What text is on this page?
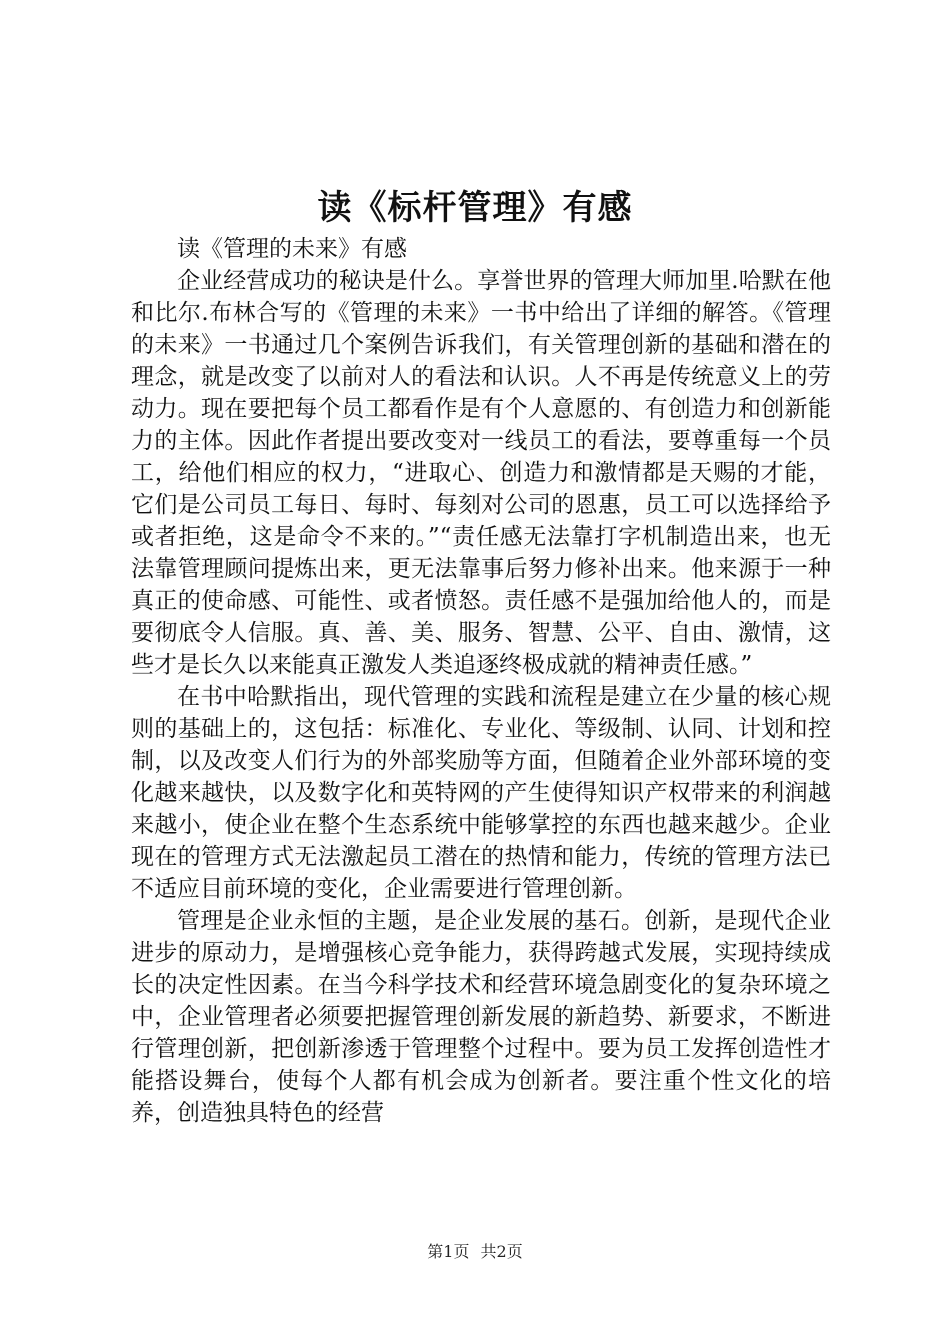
读《标杆管理》有感

读《管理的未来》有感

企业经营成功的秘诀是什么。享誉世界的管理大师加里.哈默在他和比尔.布林合写的《管理的未来》一书中给出了详细的解答。《管理的未来》一书通过几个案例告诉我们，有关管理创新的基础和潜在的理念，就是改变了以前对人的看法和认识。人不再是传统意义上的劳动力。现在要把每个员工都看作是有个人意愿的、有创造力和创新能力的主体。因此作者提出要改变对一线员工的看法，要尊重每一个员工，给他们相应的权力，“进取心、创造力和激情都是天赐的才能，它们是公司员工每日、每时、每刻对公司的恩惠，员工可以选择给予或者拒绝，这是命令不来的。”“责任感无法靠打字机制造出来，也无法靠管理顾问提炼出来，更无法靠事后努力修补出来。他来源于一种真正的使命感、可能性、或者愤怒。责任感不是强加给他人的，而是要彻底令人信服。真、善、美、服务、智慧、公平、自由、激情，这些才是长久以来能真正激发人类追逐终极成就的精神责任感。”

在书中哈默指出，现代管理的实践和流程是建立在少量的核心规则的基础上的，这包括：标准化、专业化、等级制、认同、计划和控制，以及改变人们行为的外部奖励等方面，但随着企业外部环境的变化越来越快，以及数字化和英特网的产生使得知识产权带来的利润越来越小，使企业在整个生态系统中能够掌控的东西也越来越少。企业现在的管理方式无法激起员工潜在的热情和能力，传统的管理方法已不适应目前环境的变化，企业需要进行管理创新。

管理是企业永恒的主题，是企业发展的基石。创新，是现代企业进步的原动力，是增强核心竞争能力，获得跨越式发展，实现持续成长的决定性因素。在当今科学技术和经营环境急剧变化的复杂环境之中，企业管理者必须要把握管理创新发展的新趋势、新要求，不断进行管理创新，把创新渗透于管理整个过程中。要为员工发挥创造性才能搭设舞台，使每个人都有机会成为创新者。要注重个性文化的培养，创造独具特色的经营

第1页 共2页
